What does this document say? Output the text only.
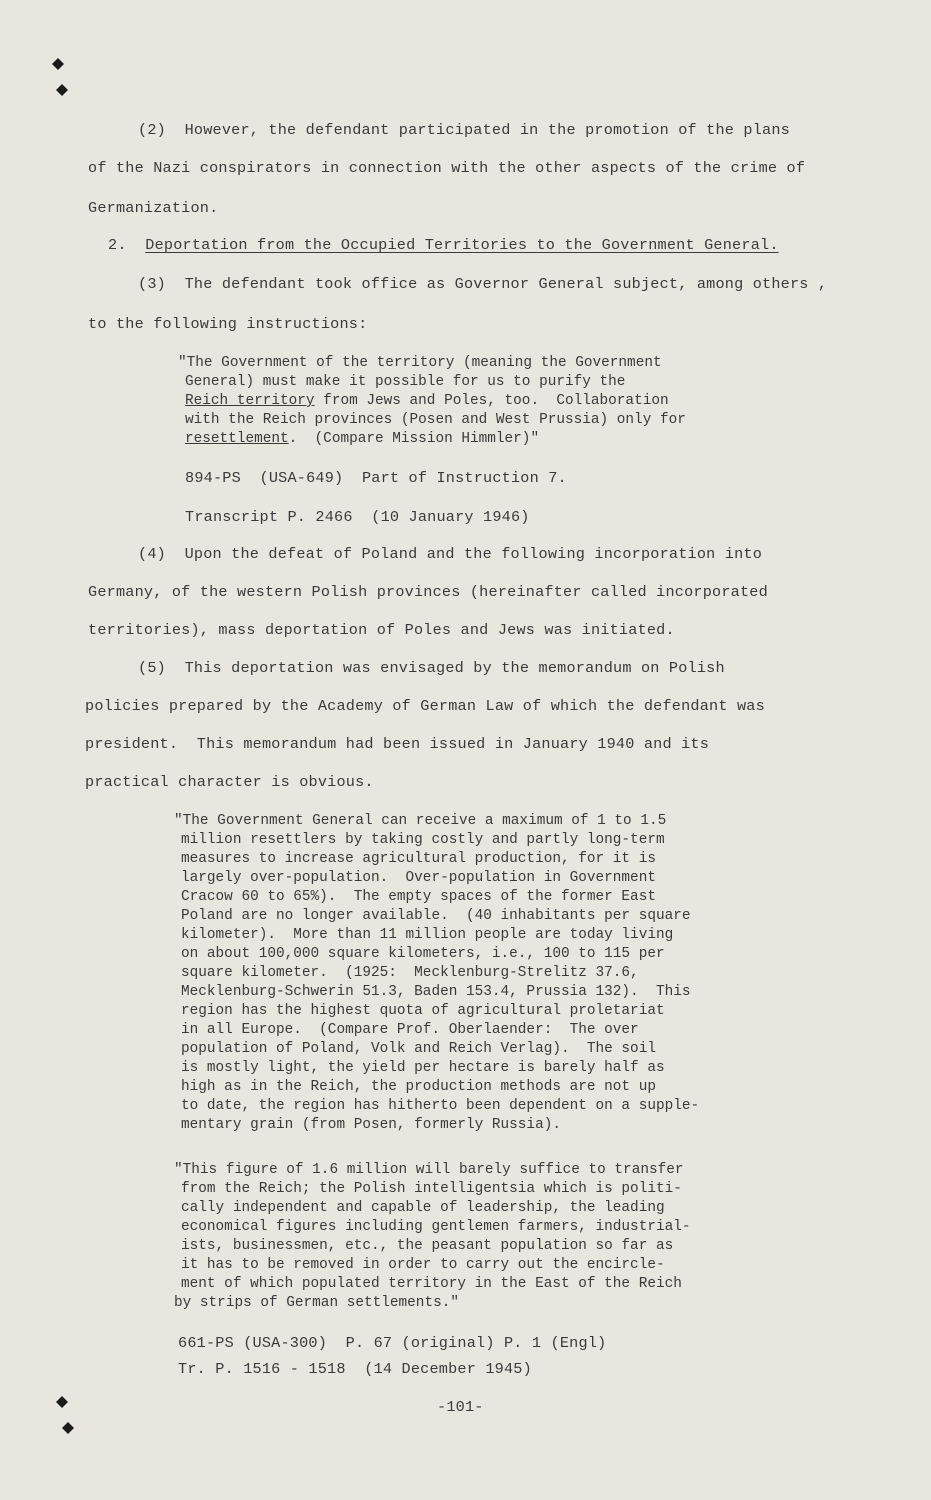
(2)  However, the defendant participated in the promotion of the plans
of the Nazi conspirators in connection with the other aspects of the crime of
Germanization.
2. Deportation from the Occupied Territories to the Government General.
(3)  The defendant took office as Governor General subject, among others ,
to the following instructions:
"The Government of the territory (meaning the Government
General) must make it possible for us to purify the
Reich territory from Jews and Poles, too.  Collaboration
with the Reich provinces (Posen and West Prussia) only for
resettlement.  (Compare Mission Himmler)"
894-PS  (USA-649)  Part of Instruction 7.
Transcript P. 2466  (10 January 1946)
(4)  Upon the defeat of Poland and the following incorporation into
Germany, of the western Polish provinces (hereinafter called incorporated
territories), mass deportation of Poles and Jews was initiated.
(5)  This deportation was envisaged by the memorandum on Polish
policies prepared by the Academy of German Law of which the defendant was
president.  This memorandum had been issued in January 1940 and its
practical character is obvious.
"The Government General can receive a maximum of 1 to 1.5
million resettlers by taking costly and partly long-term
measures to increase agricultural production, for it is
largely over-population.  Over-population in Government
Cracow 60 to 65%).  The empty spaces of the former East
Poland are no longer available.  (40 inhabitants per square
kilometer).  More than 11 million people are today living
on about 100,000 square kilometers, i.e., 100 to 115 per
square kilometer.  (1925:  Mecklenburg-Strelitz 37.6,
Mecklenburg-Schwerin 51.3, Baden 153.4, Prussia 132).  This
region has the highest quota of agricultural proletariat
in all Europe.  (Compare Prof. Oberlaender:  The over
population of Poland, Volk and Reich Verlag).  The soil
is mostly light, the yield per hectare is barely half as
high as in the Reich, the production methods are not up
to date, the region has hitherto been dependent on a supple-
mentary grain (from Posen, formerly Russia).
"This figure of 1.6 million will barely suffice to transfer
from the Reich; the Polish intelligentsia which is politi-
cally independent and capable of leadership, the leading
economical figures including gentlemen farmers, industrial-
ists, businessmen, etc., the peasant population so far as
it has to be removed in order to carry out the encircle-
ment of which populated territory in the East of the Reich
by strips of German settlements."
661-PS (USA-300)  P. 67 (original) P. 1 (Engl)
Tr. P. 1516 - 1518  (14 December 1945)
-101-
